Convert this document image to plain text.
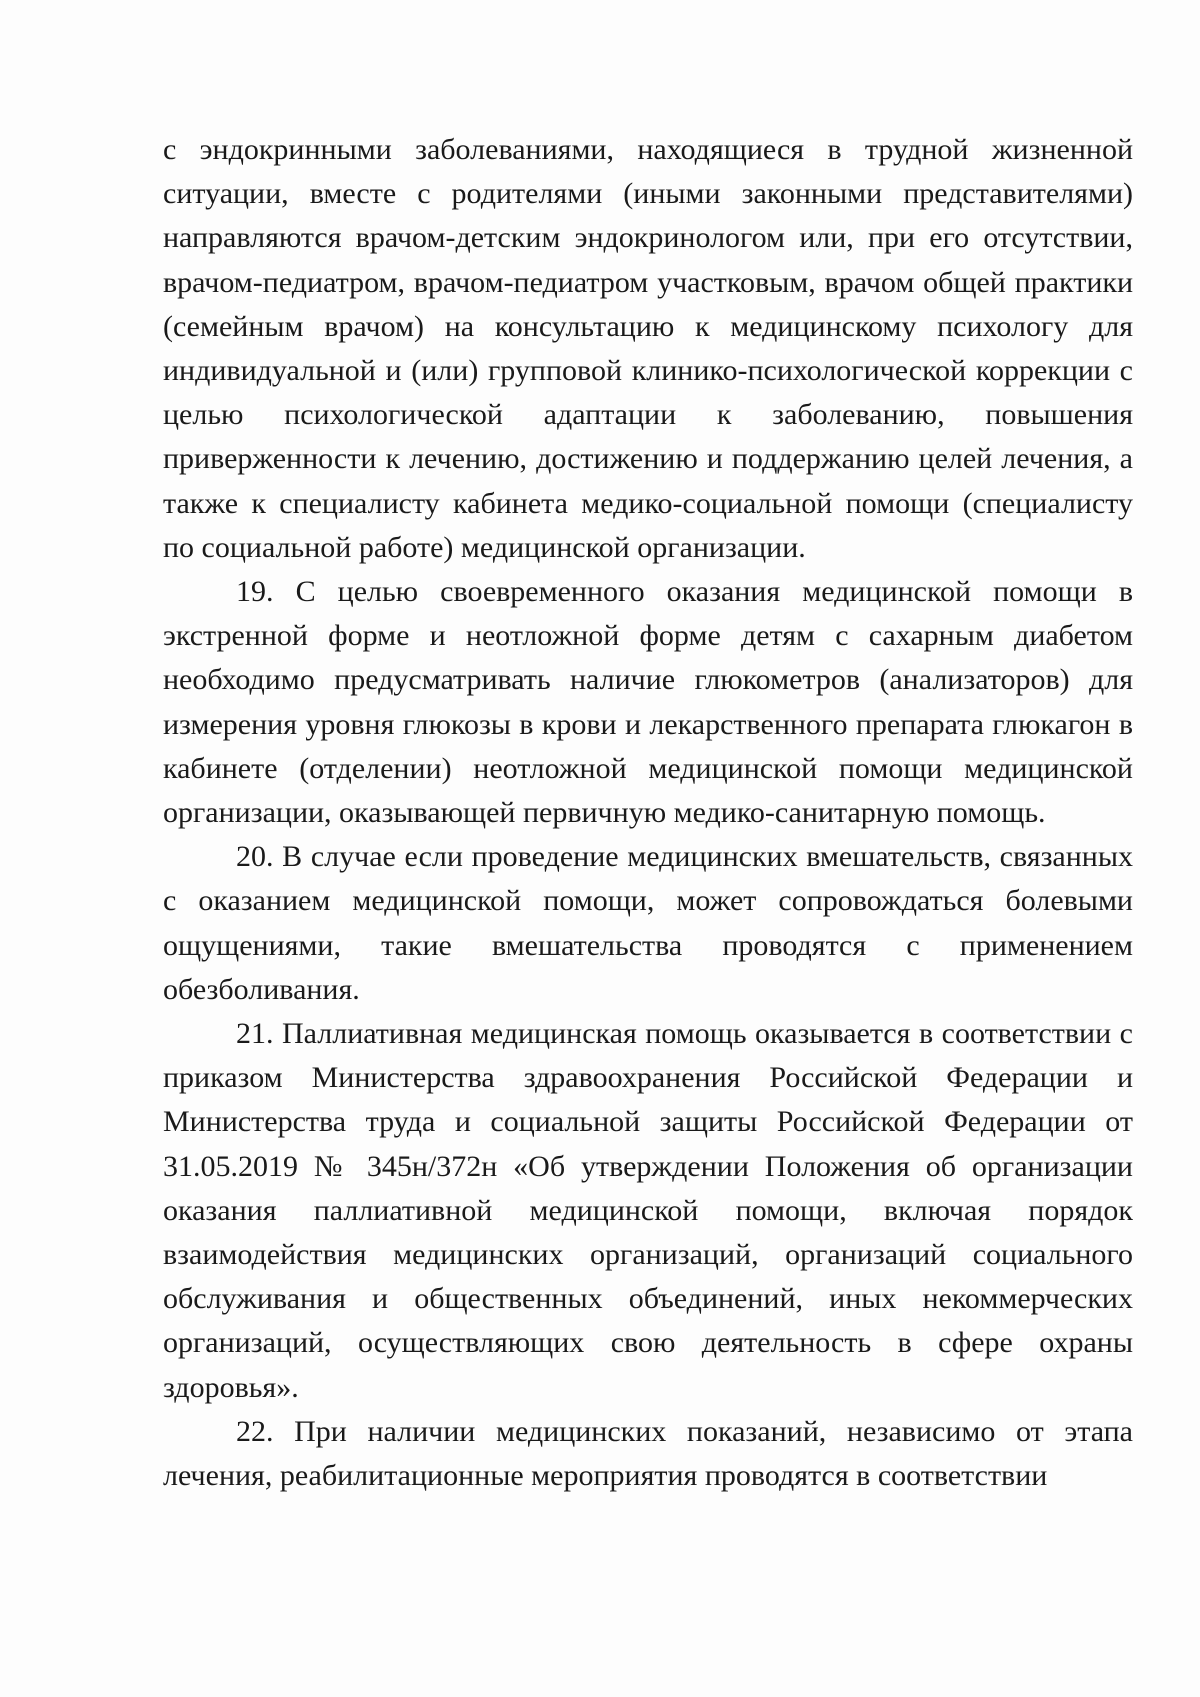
с эндокринными заболеваниями, находящиеся в трудной жизненной ситуации, вместе с родителями (иными законными представителями) направляются врачом-детским эндокринологом или, при его отсутствии, врачом-педиатром, врачом-педиатром участковым, врачом общей практики (семейным врачом) на консультацию к медицинскому психологу для индивидуальной и (или) групповой клинико-психологической коррекции с целью психологической адаптации к заболеванию, повышения приверженности к лечению, достижению и поддержанию целей лечения, а также к специалисту кабинета медико-социальной помощи (специалисту по социальной работе) медицинской организации.

19. С целью своевременного оказания медицинской помощи в экстренной форме и неотложной форме детям с сахарным диабетом необходимо предусматривать наличие глюкометров (анализаторов) для измерения уровня глюкозы в крови и лекарственного препарата глюкагон в кабинете (отделении) неотложной медицинской помощи медицинской организации, оказывающей первичную медико-санитарную помощь.

20. В случае если проведение медицинских вмешательств, связанных с оказанием медицинской помощи, может сопровождаться болевыми ощущениями, такие вмешательства проводятся с применением обезболивания.

21. Паллиативная медицинская помощь оказывается в соответствии с приказом Министерства здравоохранения Российской Федерации и Министерства труда и социальной защиты Российской Федерации от 31.05.2019 № 345н/372н «Об утверждении Положения об организации оказания паллиативной медицинской помощи, включая порядок взаимодействия медицинских организаций, организаций социального обслуживания и общественных объединений, иных некоммерческих организаций, осуществляющих свою деятельность в сфере охраны здоровья».

22. При наличии медицинских показаний, независимо от этапа лечения, реабилитационные мероприятия проводятся в соответствии
